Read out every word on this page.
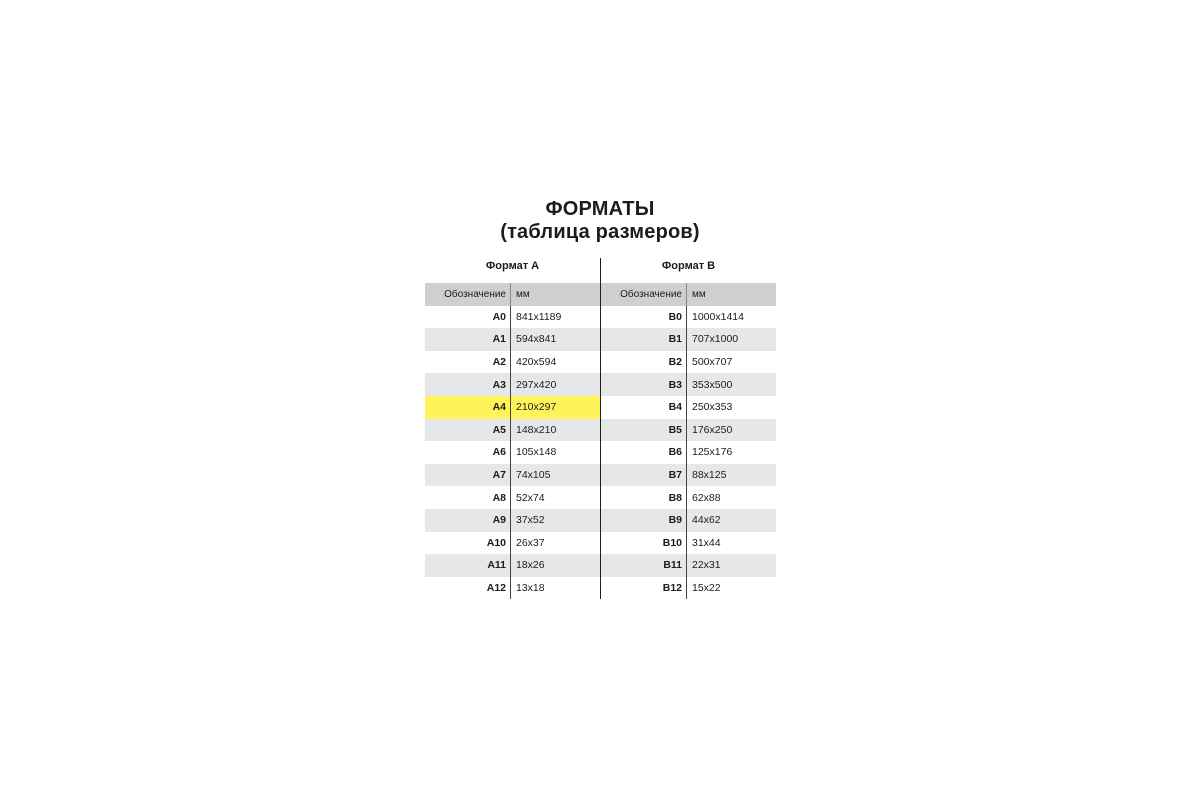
ФОРМАТЫ
(таблица размеров)
Формат А
Обозначение	мм
A0 841x1189
A1 594x841
A2 420x594
A3 297x420
A4 210x297
A5 148x210
A6 105x148
A7 74x105
A8 52x74
A9 37x52
A10 26x37
A11 18x26
A12 13x18
Формат В
Обозначение	мм
B0 1000x1414
B1 707x1000
B2 500x707
B3 353x500
B4 250x353
B5 176x250
B6 125x176
B7 88x125
B8 62x88
B9 44x62
B10 31x44
B11 22x31
B12 15x22
